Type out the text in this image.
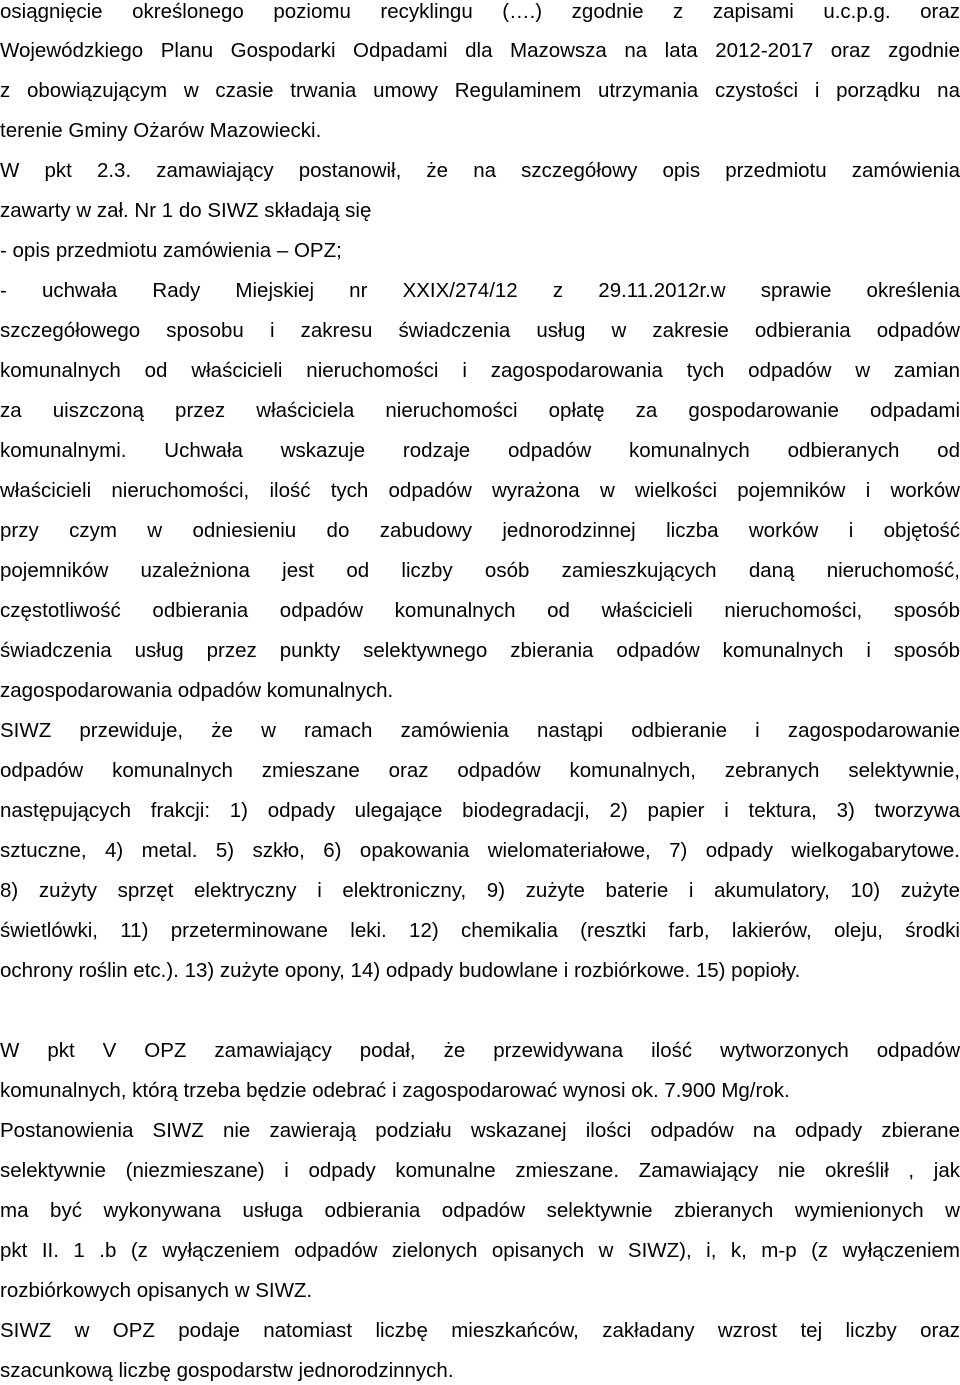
osiągnięcie określonego poziomu recyklingu (….) zgodnie z zapisami u.c.p.g. oraz
Wojewódzkiego Planu Gospodarki Odpadami dla Mazowsza na lata 2012-2017 oraz zgodnie
z obowiązującym w czasie trwania umowy Regulaminem utrzymania czystości i porządku na
terenie Gminy Ożarów Mazowiecki.
W pkt 2.3. zamawiający postanowił, że na szczegółowy opis przedmiotu zamówienia
zawarty w zał. Nr 1 do SIWZ składają się
- opis przedmiotu zamówienia – OPZ;
- uchwała Rady Miejskiej nr XXIX/274/12 z 29.11.2012r.w sprawie określenia
szczegółowego sposobu i zakresu świadczenia usług w zakresie odbierania odpadów
komunalnych od właścicieli nieruchomości i zagospodarowania tych odpadów w zamian
za uiszczoną przez właściciela nieruchomości opłatę za gospodarowanie odpadami
komunalnymi. Uchwała wskazuje rodzaje odpadów komunalnych odbieranych od
właścicieli nieruchomości, ilość tych odpadów wyrażona w wielkości pojemników i worków
przy czym w odniesieniu do zabudowy jednorodzinnej liczba worków i objętość
pojemników uzależniona jest od liczby osób zamieszkujących daną nieruchomość,
częstotliwość odbierania odpadów komunalnych od właścicieli nieruchomości, sposób
świadczenia usług przez punkty selektywnego zbierania odpadów komunalnych i sposób
zagospodarowania odpadów komunalnych.
SIWZ przewiduje, że w ramach zamówienia nastąpi odbieranie i zagospodarowanie
odpadów komunalnych zmieszane oraz odpadów komunalnych, zebranych selektywnie,
następujących frakcji: 1) odpady ulegające biodegradacji, 2) papier i tektura, 3) tworzywa
sztuczne, 4) metal. 5) szkło, 6) opakowania wielomateriałowe, 7) odpady wielkogabarytowe.
8) zużyty sprzęt elektryczny i elektroniczny, 9) zużyte baterie i akumulatory, 10) zużyte
świetlówki, 11) przeterminowane leki. 12) chemikalia (resztki farb, lakierów, oleju, środki
ochrony roślin etc.). 13) zużyte opony, 14) odpady budowlane i rozbiórkowe. 15) popioły.
W pkt V OPZ zamawiający podał, że przewidywana ilość wytworzonych odpadów
komunalnych, którą trzeba będzie odebrać i zagospodarować wynosi ok. 7.900 Mg/rok.
Postanowienia SIWZ nie zawierają podziału wskazanej ilości odpadów na odpady zbierane
selektywnie (niezmieszane) i odpady komunalne zmieszane. Zamawiający nie określił , jak
ma być wykonywana usługa odbierania odpadów selektywnie zbieranych wymienionych w
pkt II. 1 .b (z wyłączeniem odpadów zielonych opisanych w SIWZ), i, k, m-p (z wyłączeniem
rozbiórkowych opisanych w SIWZ.
SIWZ w OPZ podaje natomiast liczbę mieszkańców, zakładany wzrost tej liczby oraz
szacunkową liczbę gospodarstw jednorodzinnych.
